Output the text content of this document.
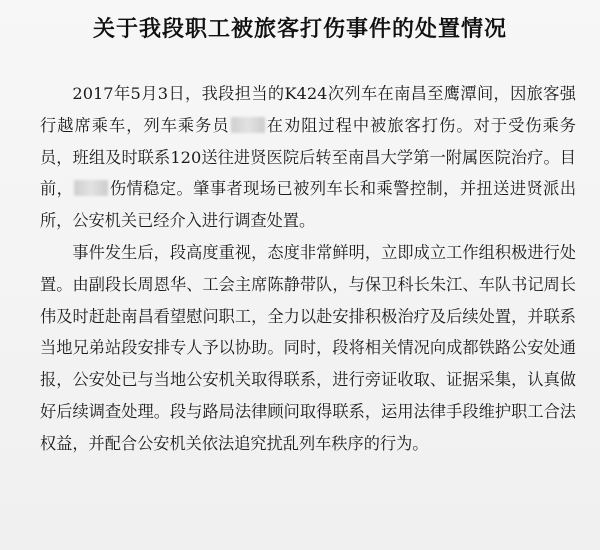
关于我段职工被旅客打伤事件的处置情况

2017年5月3日，我段担当的K424次列车在南昌至鹰潭间，因旅客强行越席乘车，列车乘务员 在劝阻过程中被旅客打伤。对于受伤乘务员，班组及时联系120送往进贤医院后转至南昌大学第一附属医院治疗。目前， 伤情稳定。肇事者现场已被列车长和乘警控制，并扭送进贤派出所，公安机关已经介入进行调查处置。

事件发生后，段高度重视，态度非常鲜明，立即成立工作组积极进行处置。由副段长周恩华、工会主席陈静带队，与保卫科长朱江、车队书记周长伟及时赶赴南昌看望慰问职工，全力以赴安排积极治疗及后续处置，并联系当地兄弟站段安排专人予以协助。同时，段将相关情况向成都铁路公安处通报，公安处已与当地公安机关取得联系，进行旁证收取、证据采集，认真做好后续调查处理。段与路局法律顾问取得联系，运用法律手段维护职工合法权益，并配合公安机关依法追究扰乱列车秩序的行为。
